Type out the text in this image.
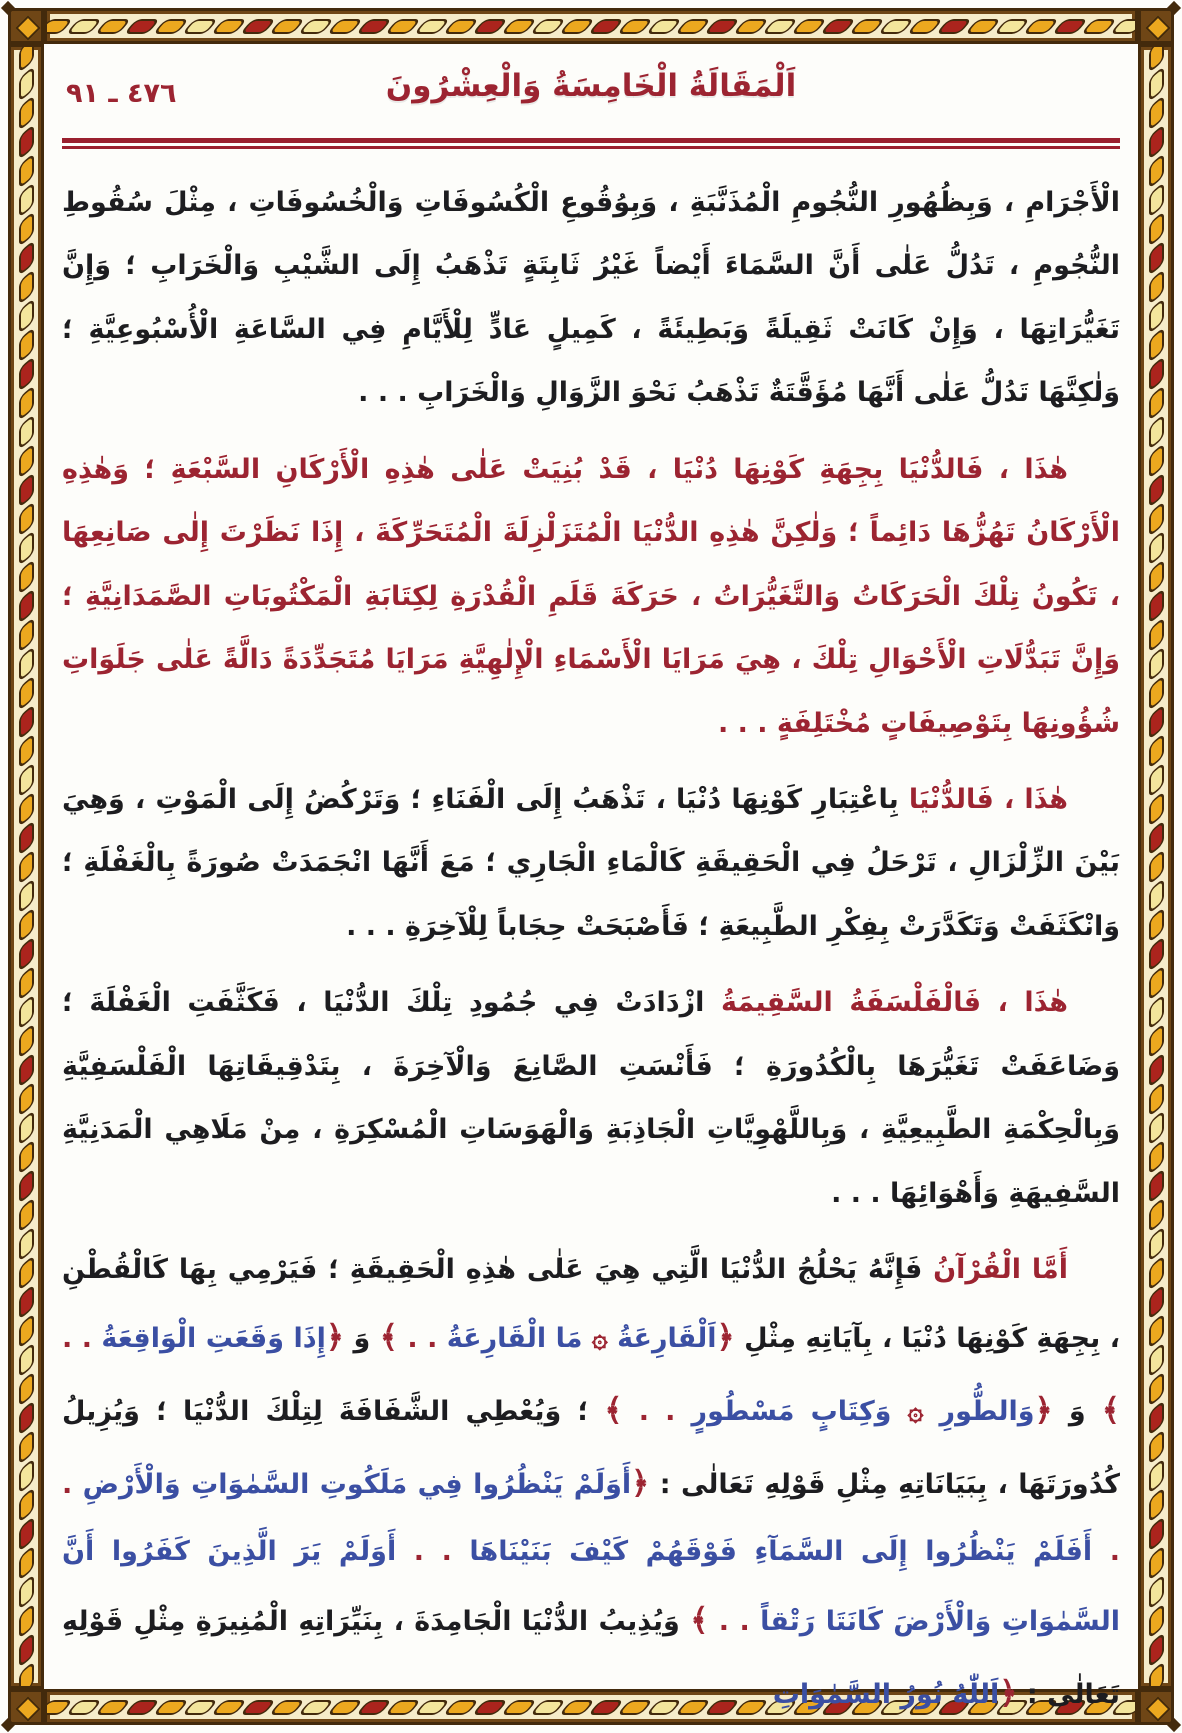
اَلْمَقَالَةُ الْخَامِسَةُ وَالْعِشْرُونَ
٤٧٦ ـ ٩١

الْأَجْرَامِ ، وَبِظُهُورِ النُّجُومِ الْمُذَنَّبَةِ ، وَبِوُقُوعِ الْكُسُوفَاتِ وَالْخُسُوفَاتِ ، مِثْلَ سُقُوطِ النُّجُومِ ، تَدُلُّ عَلٰى أَنَّ السَّمَاءَ أَيْضاً غَيْرُ ثَابِتَةٍ تَذْهَبُ إِلَى الشَّيْبِ وَالْخَرَابِ ؛ وَإِنَّ تَغَيُّرَاتِهَا ، وَإِنْ كَانَتْ ثَقِيلَةً وَبَطِيئَةً ، كَمِيلٍ عَادٍّ لِلْأَيَّامِ فِي السَّاعَةِ الْأُسْبُوعِيَّةِ ؛ وَلٰكِنَّهَا تَدُلُّ عَلٰى أَنَّهَا مُؤَقَّتَةٌ تَذْهَبُ نَحْوَ الزَّوَالِ وَالْخَرَابِ . . .

هٰذَا ، فَالدُّنْيَا بِجِهَةِ كَوْنِهَا دُنْيَا ، قَدْ بُنِيَتْ عَلٰى هٰذِهِ الْأَرْكَانِ السَّبْعَةِ ؛ وَهٰذِهِ الْأَرْكَانُ تَهُزُّهَا دَائِماً ؛ وَلٰكِنَّ هٰذِهِ الدُّنْيَا الْمُتَزَلْزِلَةَ الْمُتَحَرِّكَةَ ، إِذَا نَظَرْتَ إِلٰى صَانِعِهَا ، تَكُونُ تِلْكَ الْحَرَكَاتُ وَالتَّغَيُّرَاتُ ، حَرَكَةَ قَلَمِ الْقُدْرَةِ لِكِتَابَةِ الْمَكْتُوبَاتِ الصَّمَدَانِيَّةِ ؛ وَإِنَّ تَبَدُّلَاتِ الْأَحْوَالِ تِلْكَ ، هِيَ مَرَايَا الْأَسْمَاءِ الْإِلٰهِيَّةِ مَرَايَا مُتَجَدِّدَةً دَالَّةً عَلٰى جَلَوَاتِ شُؤُونِهَا بِتَوْصِيفَاتٍ مُخْتَلِفَةٍ . . .

هٰذَا ، فَالدُّنْيَا بِاعْتِبَارِ كَوْنِهَا دُنْيَا ، تَذْهَبُ إِلَى الْفَنَاءِ ؛ وَتَرْكُضُ إِلَى الْمَوْتِ ، وَهِيَ بَيْنَ الزِّلْزَالِ ، تَرْحَلُ فِي الْحَقِيقَةِ كَالْمَاءِ الْجَارِي ؛ مَعَ أَنَّهَا انْجَمَدَتْ صُورَةً بِالْغَفْلَةِ ؛ وَانْكَثَفَتْ وَتَكَدَّرَتْ بِفِكْرِ الطَّبِيعَةِ ؛ فَأَصْبَحَتْ حِجَاباً لِلْآخِرَةِ . . .

هٰذَا ، فَالْفَلْسَفَةُ السَّقِيمَةُ ازْدَادَتْ فِي جُمُودِ تِلْكَ الدُّنْيَا ، فَكَثَّفَتِ الْغَفْلَةَ ؛ وَضَاعَفَتْ تَغَيُّرَهَا بِالْكُدُورَةِ ؛ فَأَنْسَتِ الصَّانِعَ وَالْآخِرَةَ ، بِتَدْقِيقَاتِهَا الْفَلْسَفِيَّةِ وَبِالْحِكْمَةِ الطَّبِيعِيَّةِ ، وَبِاللَّهْوِيَّاتِ الْجَاذِبَةِ وَالْهَوَسَاتِ الْمُسْكِرَةِ ، مِنْ مَلَاهِي الْمَدَنِيَّةِ السَّفِيهَةِ وَأَهْوَائِهَا . . .

أَمَّا الْقُرْآنُ فَإِنَّهُ يَحْلُجُ الدُّنْيَا الَّتِي هِيَ عَلٰى هٰذِهِ الْحَقِيقَةِ ؛ فَيَرْمِي بِهَا كَالْقُطْنِ ، بِجِهَةِ كَوْنِهَا دُنْيَا ، بِآيَاتِهِ مِثْلِ ﴿اَلْقَارِعَةُ ۞ مَا الْقَارِعَةُ . . ﴾ وَ ﴿إِذَا وَقَعَتِ الْوَاقِعَةُ . . ﴾ وَ ﴿وَالطُّورِ ۞ وَكِتَابٍ مَسْطُورٍ . . ﴾ ؛ وَيُعْطِي الشَّفَافَةَ لِتِلْكَ الدُّنْيَا ؛ وَيُزِيلُ كُدُورَتَهَا ، بِبَيَانَاتِهِ مِثْلِ قَوْلِهِ تَعَالٰى : ﴿أَوَلَمْ يَنْظُرُوا فِي مَلَكُوتِ السَّمٰوَاتِ وَالْأَرْضِ . . أَفَلَمْ يَنْظُرُوا إِلَى السَّمَآءِ فَوْقَهُمْ كَيْفَ بَنَيْنَاهَا . . أَوَلَمْ يَرَ الَّذِينَ كَفَرُوا أَنَّ السَّمٰوَاتِ وَالْأَرْضَ كَانَتَا رَتْقاً . . ﴾ وَيُذِيبُ الدُّنْيَا الْجَامِدَةَ ، بِنَيِّرَاتِهِ الْمُنِيرَةِ مِثْلِ قَوْلِهِ تَعَالٰى : ﴿اَللّٰهُ نُورُ السَّمٰوَاتِ
